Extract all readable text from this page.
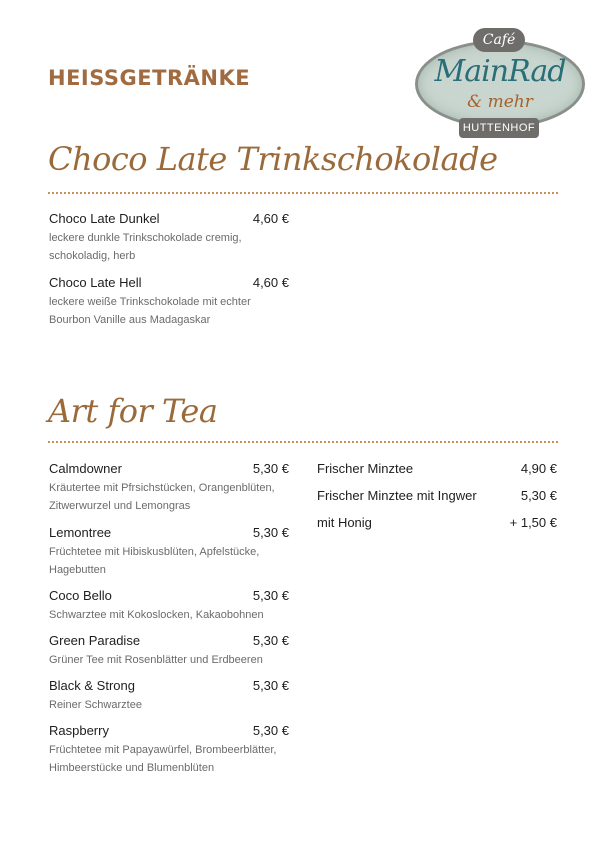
HEISSGETRÄNKE
Café
MainRad
& mehr
HUTTENHOF
Choco Late Trinkschokolade
Choco Late Dunkel	4,60 €
leckere dunkle Trinkschokolade cremig,
schokoladig, herb
Choco Late Hell	4,60 €
leckere weiße Trinkschokolade mit echter
Bourbon Vanille aus Madagaskar
Art for Tea
Calmdowner	5,30 €
Kräutertee mit Pfrsichstücken, Orangenblüten,
Zitwerwurzel und Lemongras
Lemontree	5,30 €
Früchtetee mit Hibiskusblüten, Apfelstücke,
Hagebutten
Coco Bello	5,30 €
Schwarztee mit Kokoslocken, Kakaobohnen
Green Paradise	5,30 €
Grüner Tee mit Rosenblätter und Erdbeeren
Black & Strong	5,30 €
Reiner Schwarztee
Raspberry	5,30 €
Früchtetee mit Papayawürfel, Brombeerblätter,
Himbeerstücke und Blumenblüten
Frischer Minztee	4,90 €
Frischer Minztee mit Ingwer	5,30 €
mit Honig	+ 1,50 €
